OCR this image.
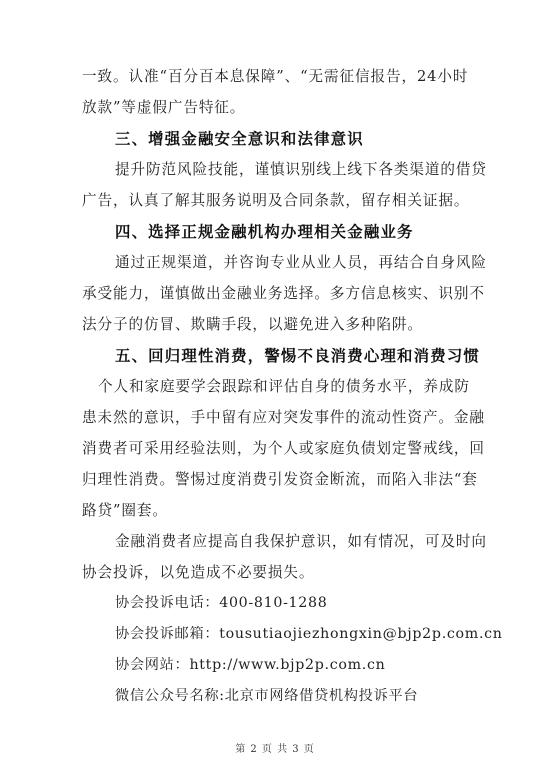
一致。认准“百分百本息保障”、“无需征信报告，24小时
放款”等虚假广告特征。
三、增强金融安全意识和法律意识
提升防范风险技能，谨慎识别线上线下各类渠道的借贷
广告，认真了解其服务说明及合同条款，留存相关证据。
四、选择正规金融机构办理相关金融业务
通过正规渠道，并咨询专业从业人员，再结合自身风险
承受能力，谨慎做出金融业务选择。多方信息核实、识别不
法分子的仿冒、欺瞒手段，以避免进入多种陷阱。
五、回归理性消费，警惕不良消费心理和消费习惯
个人和家庭要学会跟踪和评估自身的债务水平，养成防
患未然的意识，手中留有应对突发事件的流动性资产。金融
消费者可采用经验法则，为个人或家庭负债划定警戒线，回
归理性消费。警惕过度消费引发资金断流，而陷入非法“套
路贷”圈套。
金融消费者应提高自我保护意识，如有情况，可及时向
协会投诉，以免造成不必要损失。
协会投诉电话：400-810-1288
协会投诉邮箱：tousutiaojiezhongxin@bjp2p.com.cn
协会网站：http://www.bjp2p.com.cn
微信公众号名称:北京市网络借贷机构投诉平台
第 2 页 共 3 页
